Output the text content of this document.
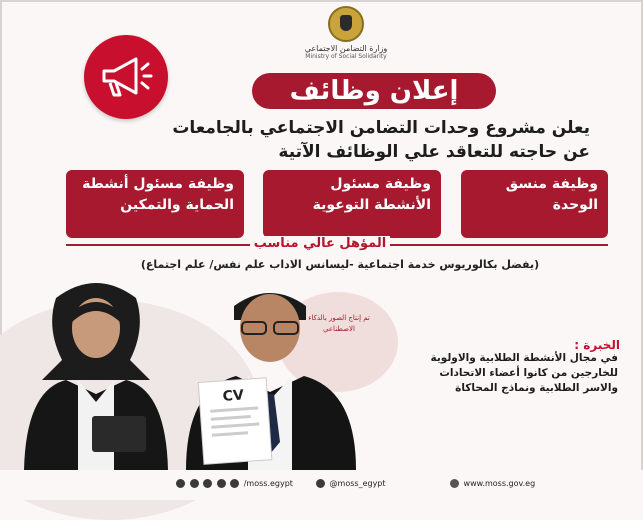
وزارة التضامن الاجتماعي
Ministry of Social Solidarity
إعلان وظائف
يعلن مشروع وحدات التضامن الاجتماعي بالجامعات
عن حاجته للتعاقد علي الوظائف الآتية
وظيفة منسق الوحدة
وظيفة مسئول الأنشطة التوعوية
وظيفة مسئول أنشطة الحماية والتمكين
المؤهل عالي مناسب
(يفضل بكالوريوس خدمة اجتماعية -ليسانس الاداب علم نفس/ علم اجتماع)
تم إنتاج الصور بالذكاء الاصطناعي
CV
الخبرة :
في مجال الأنشطة الطلابية والاولوية للخارجين من كانوا أعضاء الاتحادات والاسر الطلابية ونماذج المحاكاة
/moss.egypt	@moss_egypt	www.moss.gov.eg
